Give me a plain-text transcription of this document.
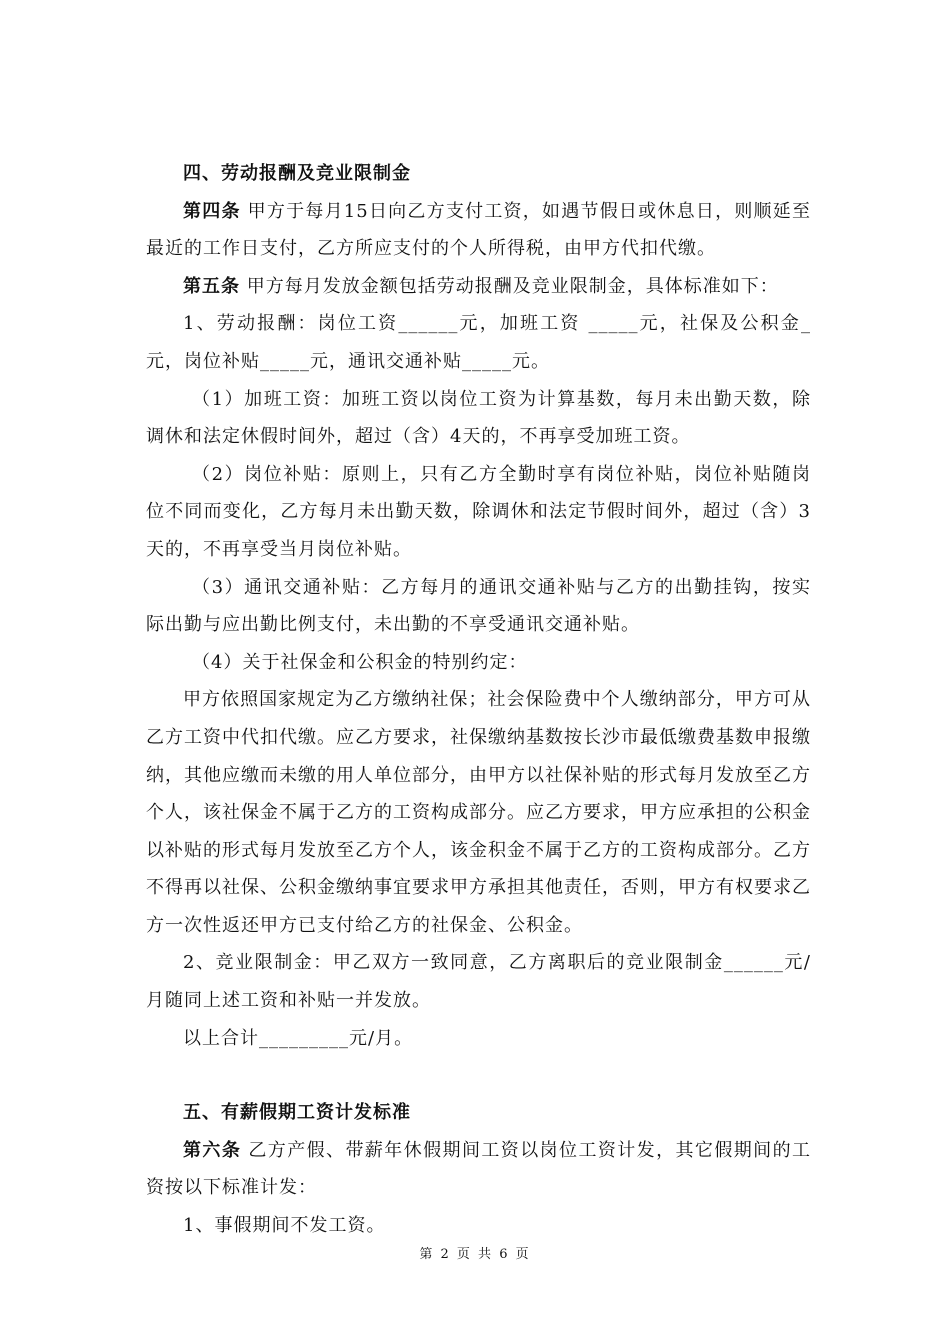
四、劳动报酬及竞业限制金

第四条 甲方于每月15日向乙方支付工资，如遇节假日或休息日，则顺延至最近的工作日支付，乙方所应支付的个人所得税，由甲方代扣代缴。

第五条 甲方每月发放金额包括劳动报酬及竞业限制金，具体标准如下：

1、劳动报酬：岗位工资______元，加班工资 _____元，社保及公积金_元，岗位补贴_____元，通讯交通补贴_____元。

（1）加班工资：加班工资以岗位工资为计算基数，每月未出勤天数，除调休和法定休假时间外，超过（含）4天的，不再享受加班工资。

（2）岗位补贴：原则上，只有乙方全勤时享有岗位补贴，岗位补贴随岗位不同而变化，乙方每月未出勤天数，除调休和法定节假时间外，超过（含）3天的，不再享受当月岗位补贴。

（3）通讯交通补贴：乙方每月的通讯交通补贴与乙方的出勤挂钩，按实际出勤与应出勤比例支付，未出勤的不享受通讯交通补贴。

（4）关于社保金和公积金的特别约定：

甲方依照国家规定为乙方缴纳社保；社会保险费中个人缴纳部分，甲方可从乙方工资中代扣代缴。应乙方要求，社保缴纳基数按长沙市最低缴费基数申报缴纳，其他应缴而未缴的用人单位部分，由甲方以社保补贴的形式每月发放至乙方个人，该社保金不属于乙方的工资构成部分。应乙方要求，甲方应承担的公积金以补贴的形式每月发放至乙方个人，该金积金不属于乙方的工资构成部分。乙方不得再以社保、公积金缴纳事宜要求甲方承担其他责任，否则，甲方有权要求乙方一次性返还甲方已支付给乙方的社保金、公积金。

2、竞业限制金：甲乙双方一致同意，乙方离职后的竞业限制金______元/月随同上述工资和补贴一并发放。

以上合计_________元/月。

五、有薪假期工资计发标准

第六条 乙方产假、带薪年休假期间工资以岗位工资计发，其它假期间的工资按以下标准计发：

1、事假期间不发工资。

第 2 页 共 6 页
